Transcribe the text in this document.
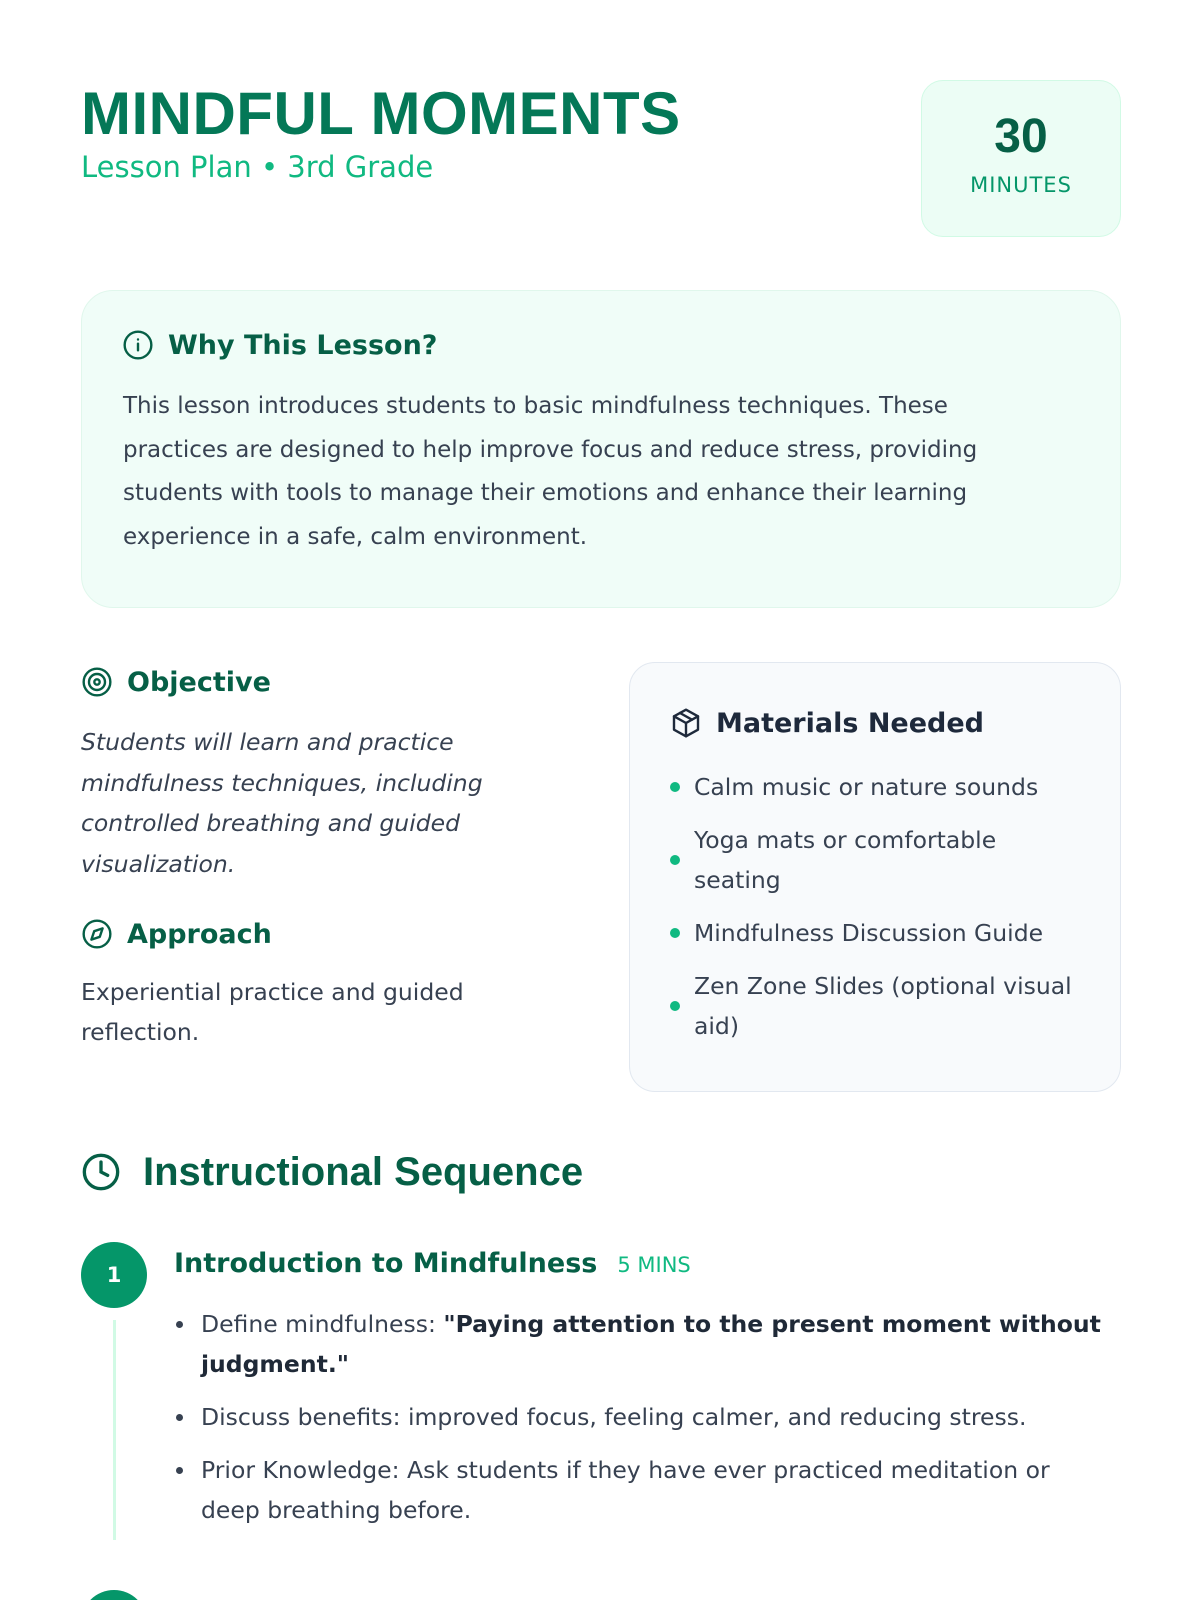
MINDFUL MOMENTS
Lesson Plan • 3rd Grade
30
MINUTES
Why This Lesson?

This lesson introduces students to basic mindfulness techniques. These practices are designed to help improve focus and reduce stress, providing students with tools to manage their emotions and enhance their learning experience in a safe, calm environment.

Objective

Students will learn and practice mindfulness techniques, including controlled breathing and guided visualization.

Approach

Experiential practice and guided reflection.

Materials Needed
Calm music or nature sounds
Yoga mats or comfortable seating
Mindfulness Discussion Guide
Zen Zone Slides (optional visual aid)
Instructional Sequence
1	Introduction to Mindfulness 5 MINS
Define mindfulness: "Paying attention to the present moment without judgment."
Discuss benefits: improved focus, feeling calmer, and reducing stress.
Prior Knowledge: Ask students if they have ever practiced meditation or deep breathing before.
